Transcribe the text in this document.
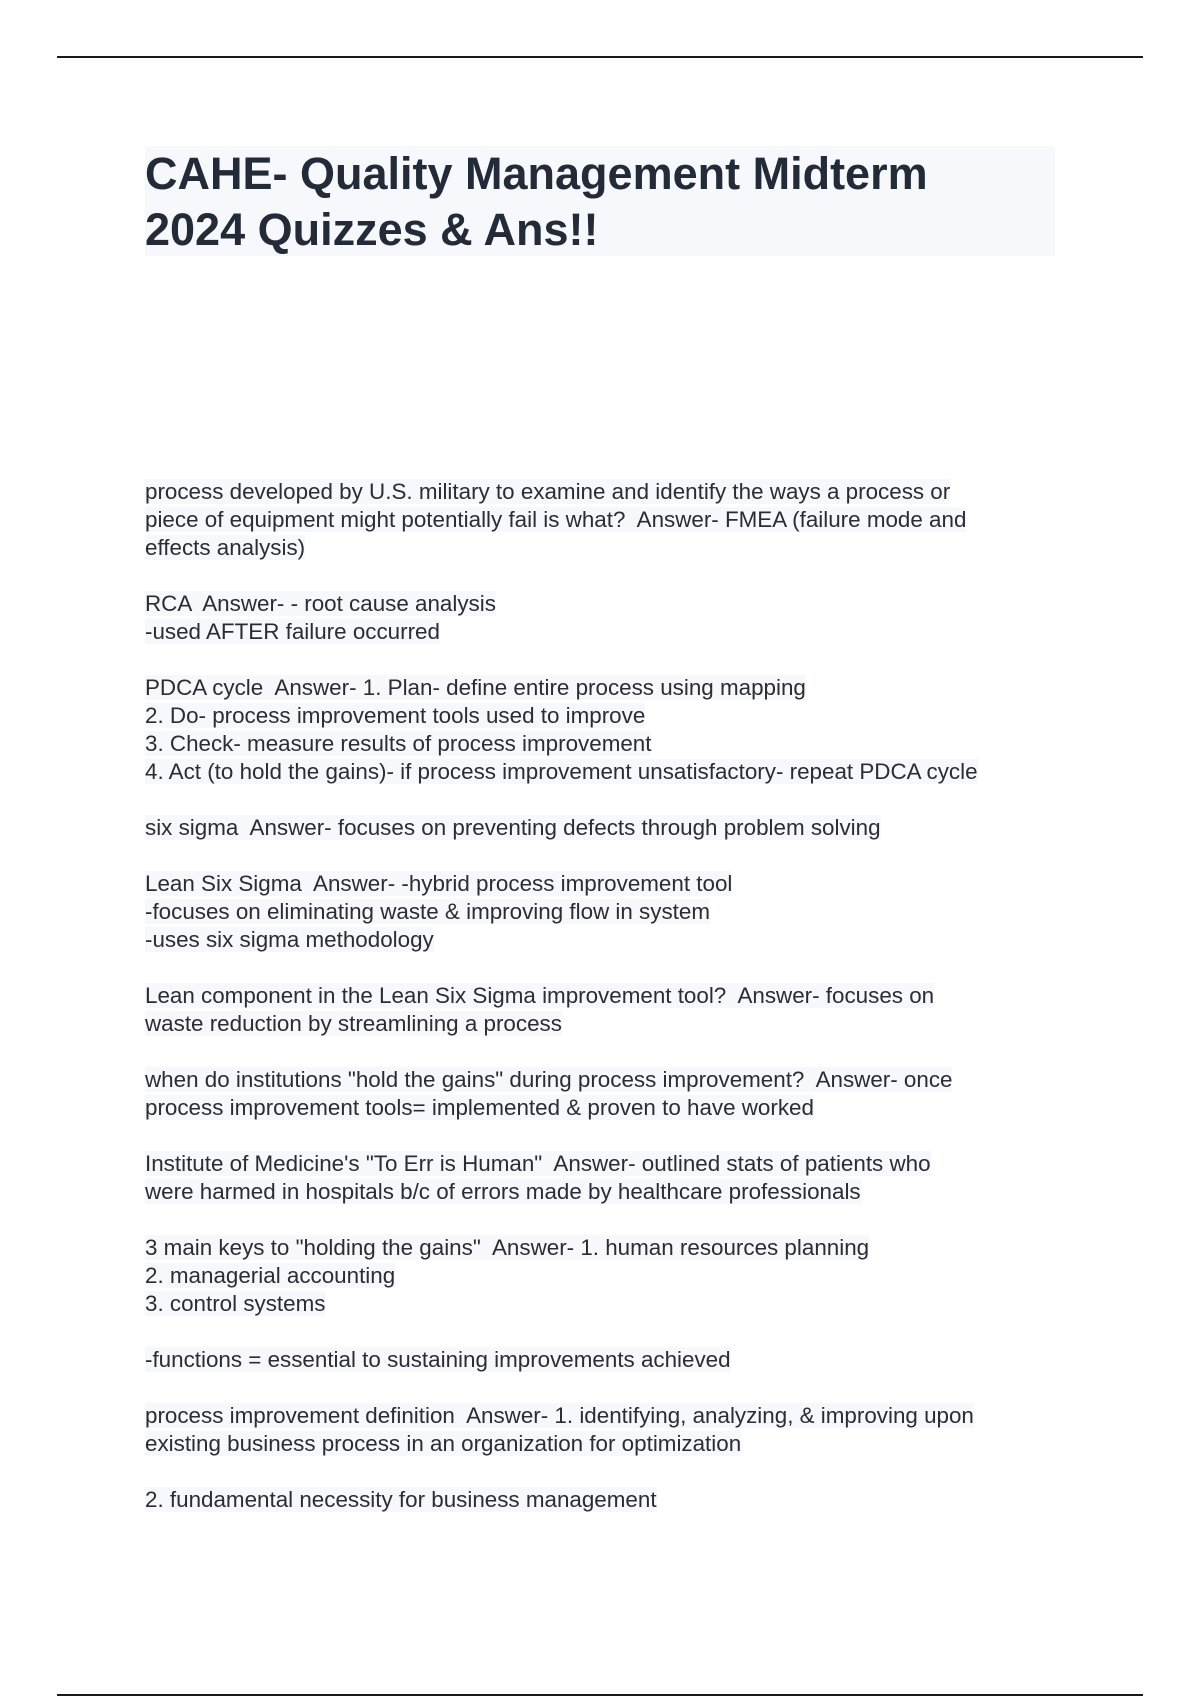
CAHE- Quality Management Midterm
2024 Quizzes & Ans!!
process developed by U.S. military to examine and identify the ways a process or
piece of equipment might potentially fail is what?  Answer- FMEA (failure mode and
effects analysis)
RCA  Answer- - root cause analysis
-used AFTER failure occurred
PDCA cycle  Answer- 1. Plan- define entire process using mapping
2. Do- process improvement tools used to improve
3. Check- measure results of process improvement
4. Act (to hold the gains)- if process improvement unsatisfactory- repeat PDCA cycle
six sigma  Answer- focuses on preventing defects through problem solving
Lean Six Sigma  Answer- -hybrid process improvement tool
-focuses on eliminating waste & improving flow in system
-uses six sigma methodology
Lean component in the Lean Six Sigma improvement tool?  Answer- focuses on
waste reduction by streamlining a process
when do institutions "hold the gains" during process improvement?  Answer- once
process improvement tools= implemented & proven to have worked
Institute of Medicine's "To Err is Human"  Answer- outlined stats of patients who
were harmed in hospitals b/c of errors made by healthcare professionals
3 main keys to "holding the gains"  Answer- 1. human resources planning
2. managerial accounting
3. control systems
-functions = essential to sustaining improvements achieved
process improvement definition  Answer- 1. identifying, analyzing, & improving upon
existing business process in an organization for optimization
2. fundamental necessity for business management
